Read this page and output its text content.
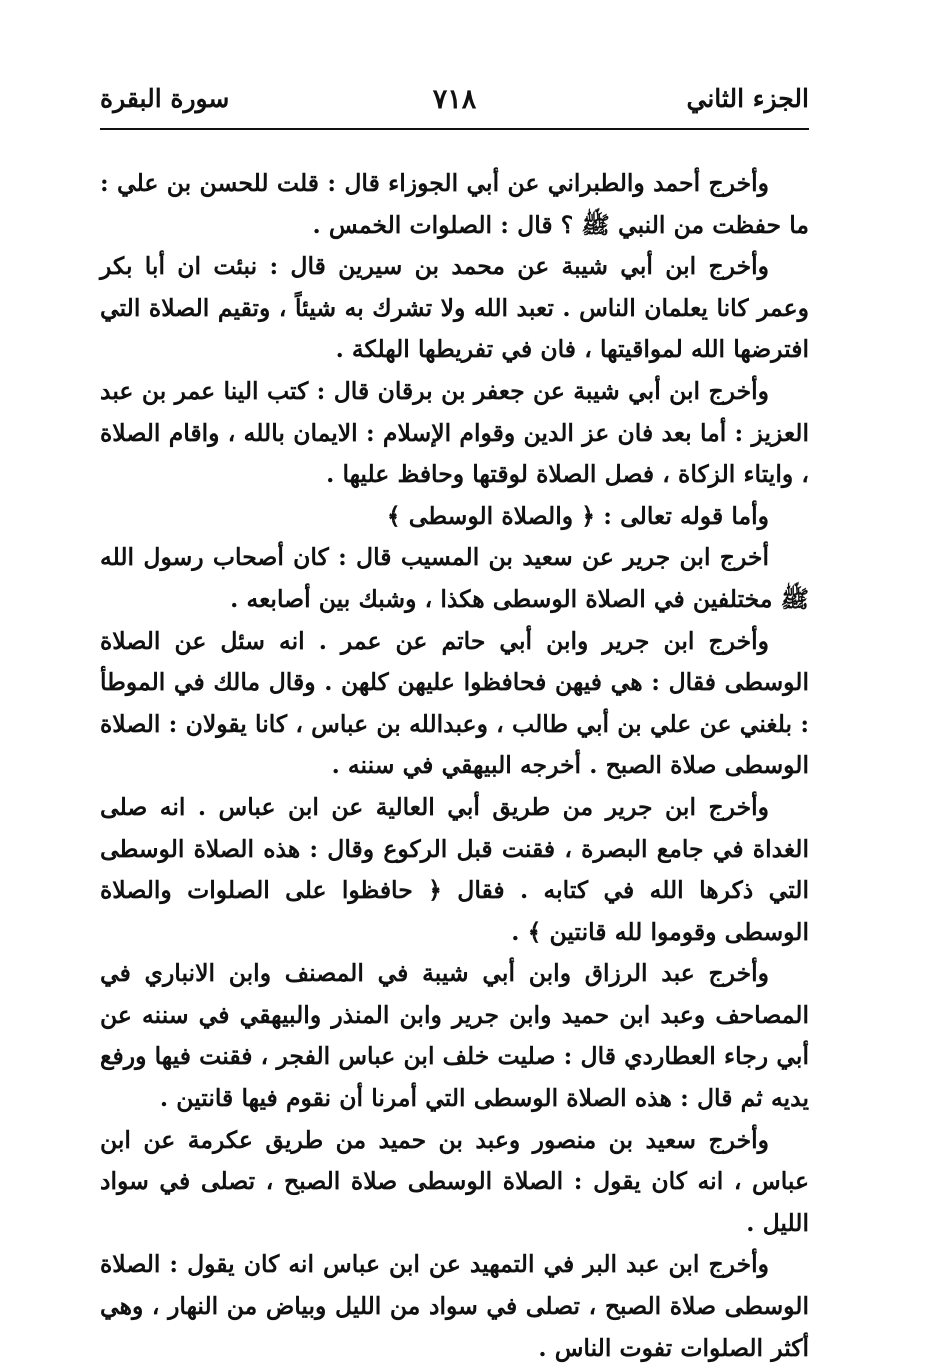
الجزء الثاني
٧١٨
سورة البقرة

وأخرج أحمد والطبراني عن أبي الجوزاء قال : قلت للحسن بن علي : ما حفظت من النبي ﷺ ؟ قال : الصلوات الخمس .

وأخرج ابن أبي شيبة عن محمد بن سيرين قال : نبئت ان أبا بكر وعمر كانا يعلمان الناس . تعبد الله ولا تشرك به شيئاً ، وتقيم الصلاة التي افترضها الله لمواقيتها ، فان في تفريطها الهلكة .

وأخرج ابن أبي شيبة عن جعفر بن برقان قال : كتب الينا عمر بن عبد العزيز : أما بعد فان عز الدين وقوام الإسلام : الايمان بالله ، واقام الصلاة ، وايتاء الزكاة ، فصل الصلاة لوقتها وحافظ عليها .

وأما قوله تعالى : ﴿ والصلاة الوسطى ﴾

أخرج ابن جرير عن سعيد بن المسيب قال : كان أصحاب رسول الله ﷺ مختلفين في الصلاة الوسطى هكذا ، وشبك بين أصابعه .

وأخرج ابن جرير وابن أبي حاتم عن عمر . انه سئل عن الصلاة الوسطى فقال : هي فيهن فحافظوا عليهن كلهن . وقال مالك في الموطأ : بلغني عن علي بن أبي طالب ، وعبدالله بن عباس ، كانا يقولان : الصلاة الوسطى صلاة الصبح . أخرجه البيهقي في سننه .

وأخرج ابن جرير من طريق أبي العالية عن ابن عباس . انه صلى الغداة في جامع البصرة ، فقنت قبل الركوع وقال : هذه الصلاة الوسطى التي ذكرها الله في كتابه . فقال ﴿ حافظوا على الصلوات والصلاة الوسطى وقوموا لله قانتين ﴾ .

وأخرج عبد الرزاق وابن أبي شيبة في المصنف وابن الانباري في المصاحف وعبد ابن حميد وابن جرير وابن المنذر والبيهقي في سننه عن أبي رجاء العطاردي قال : صليت خلف ابن عباس الفجر ، فقنت فيها ورفع يديه ثم قال : هذه الصلاة الوسطى التي أمرنا أن نقوم فيها قانتين .

وأخرج سعيد بن منصور وعبد بن حميد من طريق عكرمة عن ابن عباس ، انه كان يقول : الصلاة الوسطى صلاة الصبح ، تصلى في سواد الليل .

وأخرج ابن عبد البر في التمهيد عن ابن عباس انه كان يقول : الصلاة الوسطى صلاة الصبح ، تصلى في سواد من الليل وبياض من النهار ، وهي أكثر الصلوات تفوت الناس .
